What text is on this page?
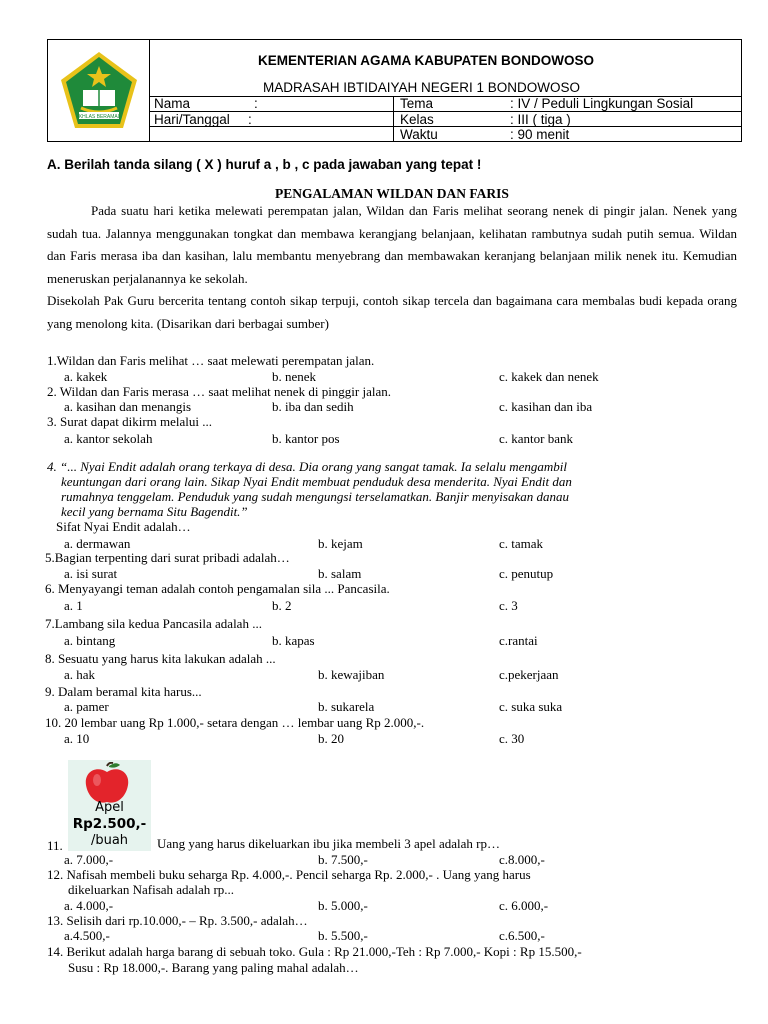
IKHLAS BERAMAL
KEMENTERIAN AGAMA KABUPATEN BONDOWOSO
MADRASAH IBTIDAIYAH NEGERI 1 BONDOWOSO
Nama	:
Hari/Tanggal :
Tema	: IV / Peduli Lingkungan Sosial
Kelas	: III ( tiga )
Waktu	: 90 menit
A. Berilah tanda silang ( X ) huruf a , b , c pada jawaban yang tepat !
PENGALAMAN WILDAN DAN FARIS
Pada suatu hari ketika melewati perempatan jalan, Wildan dan Faris melihat seorang nenek di pingir jalan. Nenek yang sudah tua. Jalannya menggunakan tongkat dan membawa kerangjang belanjaan, kelihatan rambutnya sudah putih semua. Wildan dan Faris merasa iba dan kasihan, lalu membantu menyebrang dan membawakan keranjang belanjaan milik nenek itu. Kemudian meneruskan perjalanannya ke sekolah.
Disekolah Pak Guru bercerita tentang contoh sikap terpuji, contoh sikap tercela dan bagaimana cara membalas budi kepada orang yang menolong kita. (Disarikan dari berbagai sumber)
1.Wildan dan Faris melihat … saat melewati perempatan jalan.
a. kakek	b. nenek	c. kakek dan nenek
2. Wildan dan Faris merasa … saat melihat nenek di pinggir jalan.
a. kasihan dan menangis	b. iba dan sedih	c. kasihan dan iba
3. Surat dapat dikirm melalui ...
a. kantor sekolah	b. kantor pos	c. kantor bank
4. “... Nyai Endit adalah orang terkaya di desa. Dia orang yang sangat tamak. Ia selalu mengambil
keuntungan dari orang lain. Sikap Nyai Endit membuat penduduk desa menderita. Nyai Endit dan
rumahnya tenggelam. Penduduk yang sudah mengungsi terselamatkan. Banjir menyisakan danau
kecil yang bernama Situ Bagendit.”
Sifat Nyai Endit adalah…
a. dermawan	b. kejam	c. tamak
5.Bagian terpenting dari surat pribadi adalah…
a. isi surat	b. salam	c. penutup
6. Menyayangi teman adalah contoh pengamalan sila ... Pancasila.
a. 1	b. 2	c. 3
7.Lambang sila kedua Pancasila adalah ...
a. bintang	b. kapas	c.rantai
8. Sesuatu yang harus kita lakukan adalah ...
a. hak	b. kewajiban	c.pekerjaan
9. Dalam beramal kita harus...
a. pamer	b. sukarela	c. suka suka
10. 20 lembar uang Rp 1.000,- setara dengan … lembar uang Rp 2.000,-.
a. 10	b. 20	c. 30
Apel
Rp2.500,-
/buah
11.	Uang yang harus dikeluarkan ibu jika membeli 3 apel adalah rp…
a. 7.000,-	b. 7.500,-	c.8.000,-
12. Nafisah membeli buku seharga Rp. 4.000,-. Pencil seharga Rp. 2.000,- . Uang yang harus
dikeluarkan Nafisah adalah rp...
a. 4.000,-	b. 5.000,-	c. 6.000,-
13. Selisih dari rp.10.000,- – Rp. 3.500,- adalah…
a.4.500,-	b. 5.500,-	c.6.500,-
14. Berikut adalah harga barang di sebuah toko. Gula : Rp 21.000,-Teh : Rp 7.000,- Kopi : Rp 15.500,-
Susu : Rp 18.000,-. Barang yang paling mahal adalah…
